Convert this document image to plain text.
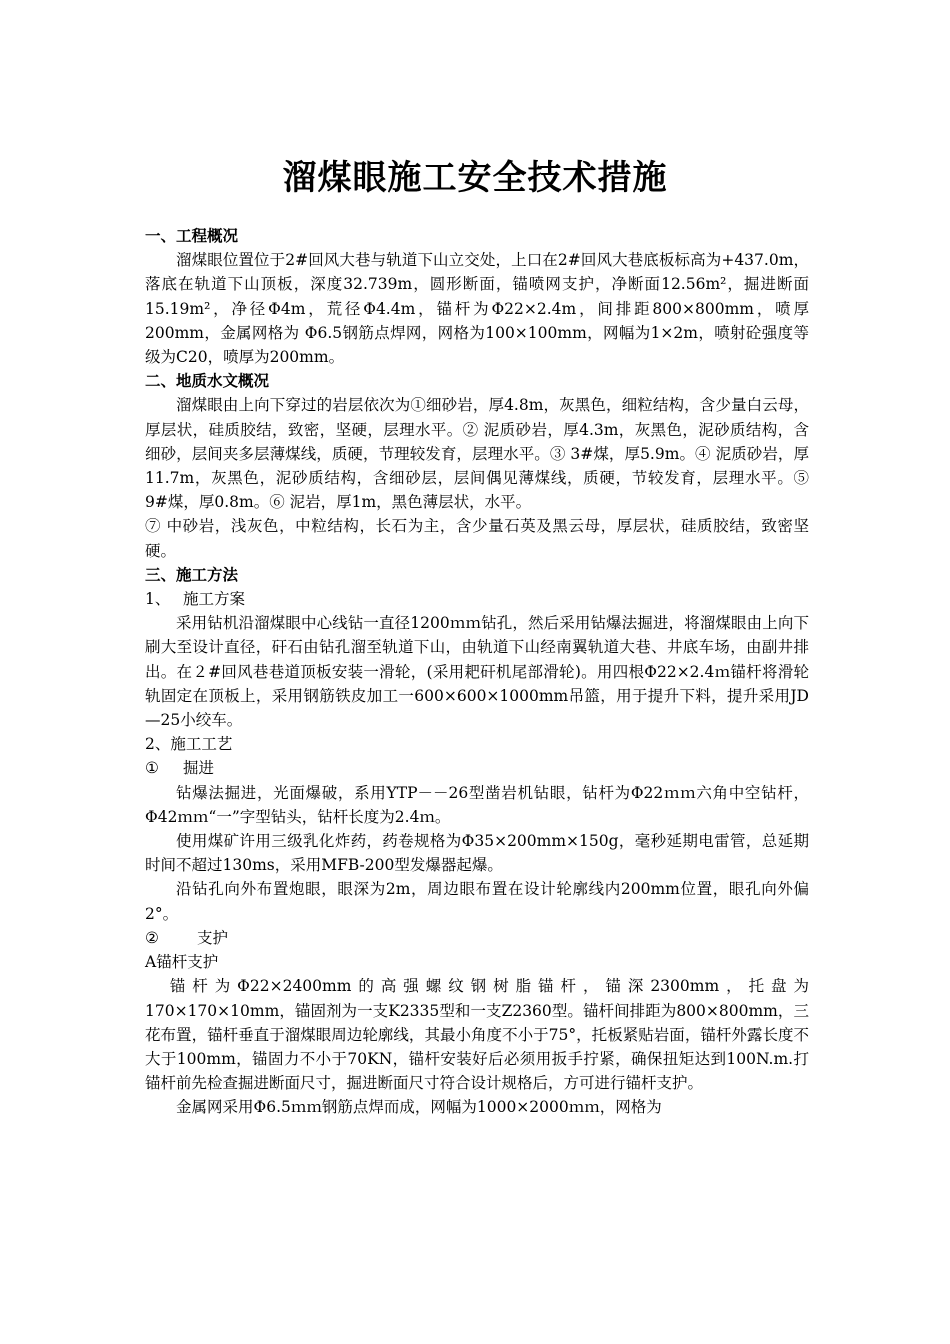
溜煤眼施工安全技术措施

一、工程概况

溜煤眼位置位于2#回风大巷与轨道下山立交处，上口在2#回风大巷底板标高为+437.0m，落底在轨道下山顶板，深度32.739m，圆形断面，锚喷网支护，净断面12.56m²，掘进断面15.19m²，净径Φ4m，荒径Φ4.4m，锚杆为Φ22×2.4m，间排距800×800mm，喷厚200mm，金属网格为 Φ6.5钢筋点焊网，网格为100×100mm，网幅为1×2m，喷射砼强度等级为C20，喷厚为200mm。

二、地质水文概况

溜煤眼由上向下穿过的岩层依次为①细砂岩，厚4.8m，灰黑色，细粒结构，含少量白云母，厚层状，硅质胶结，致密，坚硬，层理水平。② 泥质砂岩，厚4.3m，灰黑色，泥砂质结构，含细砂，层间夹多层薄煤线，质硬，节理较发育，层理水平。③ 3#煤，厚5.9m。④ 泥质砂岩，厚11.7m，灰黑色，泥砂质结构，含细砂层，层间偶见薄煤线，质硬，节较发育，层理水平。⑤ 9#煤，厚0.8m。⑥ 泥岩，厚1m，黑色薄层状，水平。

⑦ 中砂岩，浅灰色，中粒结构，长石为主，含少量石英及黑云母，厚层状，硅质胶结，致密坚硬。

三、施工方法

1、 施工方案

采用钻机沿溜煤眼中心线钻一直径1200ｍｍ钻孔，然后采用钻爆法掘进，将溜煤眼由上向下刷大至设计直径，矸石由钻孔溜至轨道下山，由轨道下山经南翼轨道大巷、井底车场，由副井排出。在２#回风巷巷道顶板安装一滑轮，(采用耙矸机尾部滑轮)。用四根Φ22×2.4ｍ锚杆将滑轮轨固定在顶板上，采用钢筋铁皮加工一600×600×1000mm吊篮，用于提升下料，提升采用JD—25小绞车。

2、施工工艺

① 掘进

钻爆法掘进，光面爆破，系用YTP－－26型凿岩机钻眼，钻杆为Φ22ｍｍ六角中空钻杆，Φ42ｍｍ“一”字型钻头，钻杆长度为2.4ｍ。

使用煤矿许用三级乳化炸药，药卷规格为Φ35×200mm×150g，毫秒延期电雷管，总延期时间不超过130ms，采用MFB-200型发爆器起爆。

沿钻孔向外布置炮眼，眼深为2m，周边眼布置在设计轮廓线内200mm位置，眼孔向外偏2°。

② 支护

A锚杆支护

锚杆为Φ22×2400mm的高强螺纹钢树脂锚杆，锚深2300mm，托盘为170×170×10mm，锚固剂为一支K2335型和一支Z2360型。锚杆间排距为800×800mm，三花布置，锚杆垂直于溜煤眼周边轮廓线，其最小角度不小于75°，托板紧贴岩面，锚杆外露长度不大于100mm，锚固力不小于70KN，锚杆安装好后必须用扳手拧紧，确保扭矩达到100N.m.打锚杆前先检查掘进断面尺寸，掘进断面尺寸符合设计规格后，方可进行锚杆支护。

金属网采用Φ6.5ｍｍ钢筋点焊而成，网幅为1000×2000ｍｍ，网格为
